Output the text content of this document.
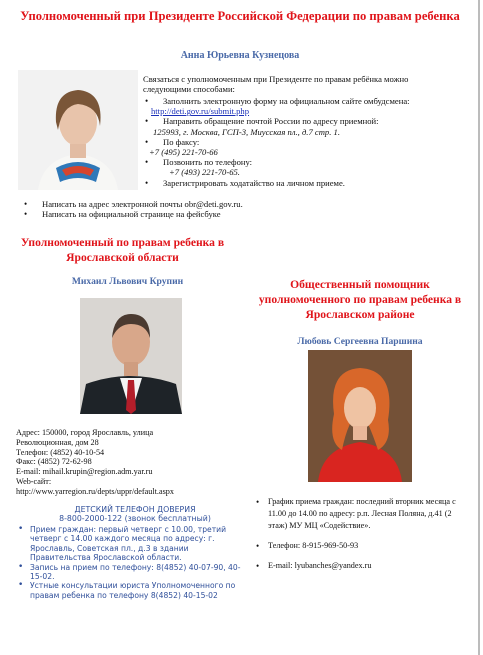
Уполномоченный при Президенте Российской Федерации по правам ребенка
Анна Юрьевна Кузнецова
Связаться с уполномоченным при Президенте по правам ребёнка можно следующими способами:
• Заполнить электронную форму на официальном сайте омбудсмена:
http://deti.gov.ru/submit.php
• Направить обращение почтой России по адресу приемной:
125993, г. Москва, ГСП-3, Миусская пл., д.7 стр. 1.
• По факсу:
+7 (495) 221-70-66
• Позвонить по телефону:
+7 (493) 221-70-65.
• Зарегистрировать ходатайство на личном приеме.
• Написать на адрес электронной почты obr@deti.gov.ru.
• Написать на официальной странице на фейсбуке
Уполномоченный по правам ребенка в Ярославской области
Михаил Львович Крупин
Адрес: 150000, город Ярославль, улица Революционная, дом 28
Телефон: (4852) 40-10-54
Факс: (4852) 72-62-98
E-mail: mihail.krupin@region.adm.yar.ru
Web-сайт:
http://www.yarregion.ru/depts/uppr/default.aspx
ДЕТСКИЙ ТЕЛЕФОН ДОВЕРИЯ
8-800-2000-122 (звонок бесплатный)
• Прием граждан: первый четверг с 10.00, третий четверг с 14.00 каждого месяца по адресу: г. Ярославль, Советская пл., д.3 в здании Правительства Ярославской области.
• Запись на прием по телефону: 8(4852) 40-07-90, 40-15-02.
• Устные консультации юриста Уполномоченного по правам ребенка по телефону 8(4852) 40-15-02
Общественный помощник уполномоченного по правам ребенка в Ярославском районе
Любовь Сергеевна Паршина
• График приема граждан: последний вторник месяца с 11.00 до 14.00 по адресу: р.п. Лесная Поляна, д.41 (2 этаж) МУ МЦ «Содействие».
• Телефон: 8-915-969-50-93
• E-mail: lyubanches@yandex.ru
